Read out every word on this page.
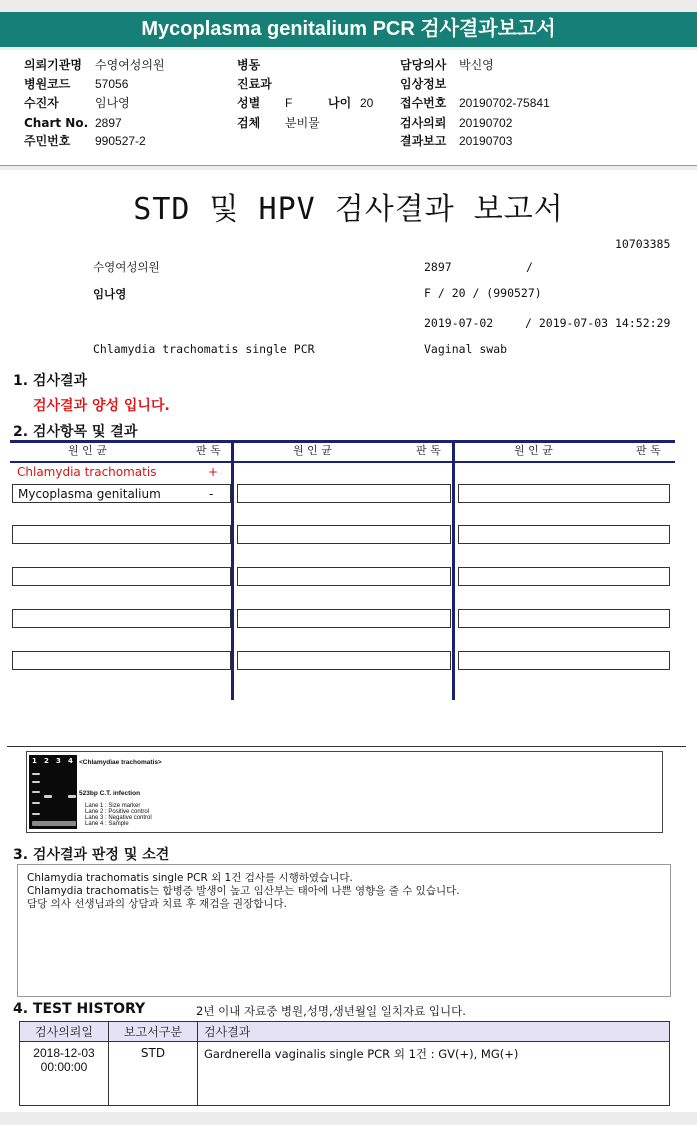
Mycoplasma genitalium PCR 검사결과보고서
의뢰기관명 수영여성의원
병원코드 57056
수진자	임나영
Chart No. 2897
주민번호 990527-2
병동
진료과
성별 F	나이 20
검체 분비물
담당의사 박신영
임상정보
접수번호 20190702-75841
검사의뢰 20190702
결과보고 20190703
STD 및 HPV 검사결과 보고서
10703385
수영여성의원	2897	/
임나영	F / 20 / (990527)
2019-07-02	/ 2019-07-03 14:52:29
Chlamydia trachomatis single PCR	Vaginal swab
1. 검사결과
검사결과 양성 입니다.
2. 검사항목 및 결과
원 인 균	판 독	원 인 균	판 독	원 인 균	판 독
Chlamydia trachomatis	+
Mycoplasma genitalium	-
1 2 3 4 <Chlamydiae trachomatis>
523bp C.T. infection
Lane 1 : Size marker
Lane 2 : Positive control
Lane 3 : Negative control
Lane 4 : Sample
3. 검사결과 판정 및 소견
Chlamydia trachomatis single PCR 외 1건 검사를 시행하였습니다.
Chlamydia trachomatis는 합병증 발생이 높고 임산부는 태아에 나쁜 영향을 줄 수 있습니다.
담당 의사 선생님과의 상담과 치료 후 재검을 권장합니다.
4. TEST HISTORY	2년 이내 자료중 병원,성명,생년월일 일치자료 입니다.
검사의뢰일	보고서구분	검사결과

2018-12-03
00:00:00	STD	Gardnerella vaginalis single PCR 외 1건 : GV(+), MG(+)
